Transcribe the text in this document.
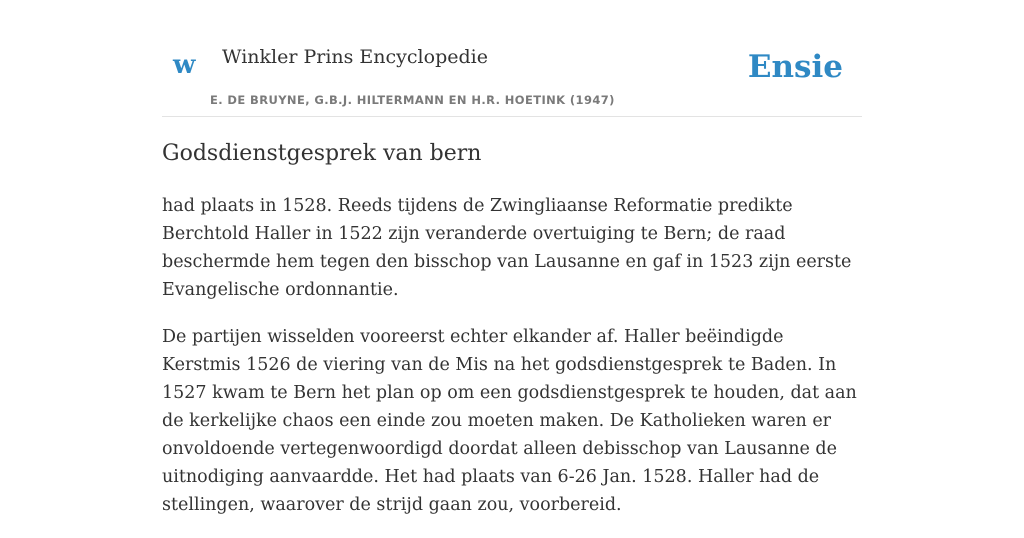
w Winkler Prins Encyclopedie
E. DE BRUYNE, G.B.J. HILTERMANN EN H.R. HOETINK (1947)
Ensie
Godsdienstgesprek van bern

had plaats in 1528. Reeds tijdens de Zwingliaanse Reformatie predikte Berchtold Haller in 1522 zijn veranderde overtuiging te Bern; de raad beschermde hem tegen den bisschop van Lausanne en gaf in 1523 zijn eerste Evangelische ordonnantie.

De partijen wisselden vooreerst echter elkander af. Haller beëindigde Kerstmis 1526 de viering van de Mis na het godsdienstgesprek te Baden. In 1527 kwam te Bern het plan op om een godsdienstgesprek te houden, dat aan de kerkelijke chaos een einde zou moeten maken. De Katholieken waren er onvoldoende vertegenwoordigd doordat alleen debisschop van Lausanne de uitnodiging aanvaardde. Het had plaats van 6-26 Jan. 1528. Haller had de stellingen, waarover de strijd gaan zou, voorbereid.
